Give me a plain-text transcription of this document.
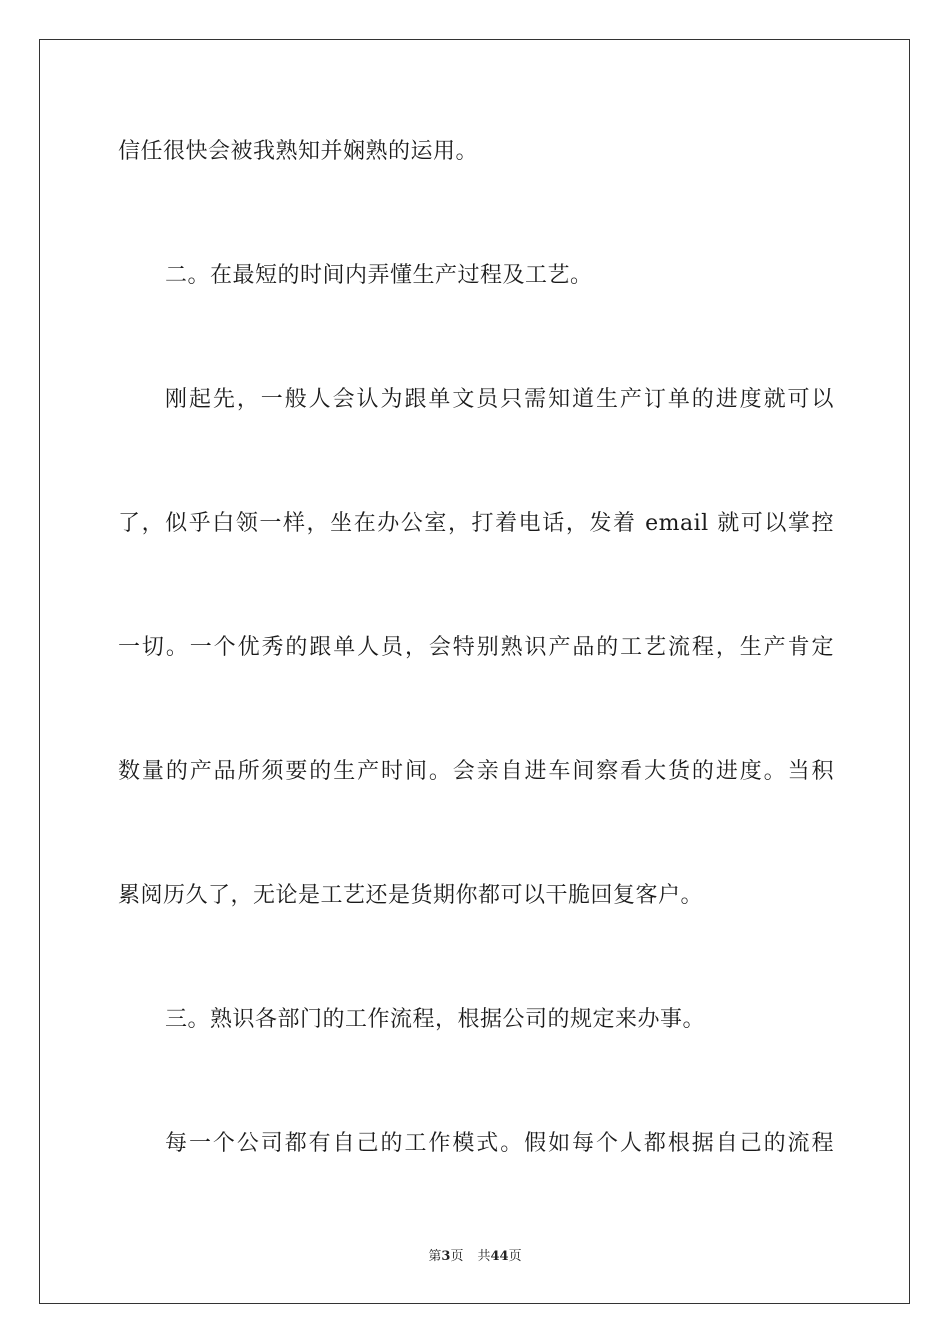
信任很快会被我熟知并娴熟的运用。
二。在最短的时间内弄懂生产过程及工艺。
刚起先，一般人会认为跟单文员只需知道生产订单的进度就可以
了，似乎白领一样，坐在办公室，打着电话，发着 email 就可以掌控
一切。一个优秀的跟单人员，会特别熟识产品的工艺流程，生产肯定
数量的产品所须要的生产时间。会亲自进车间察看大货的进度。当积
累阅历久了，无论是工艺还是货期你都可以干脆回复客户。
三。熟识各部门的工作流程，根据公司的规定来办事。
每一个公司都有自己的工作模式。假如每个人都根据自己的流程
第3页 共44页
